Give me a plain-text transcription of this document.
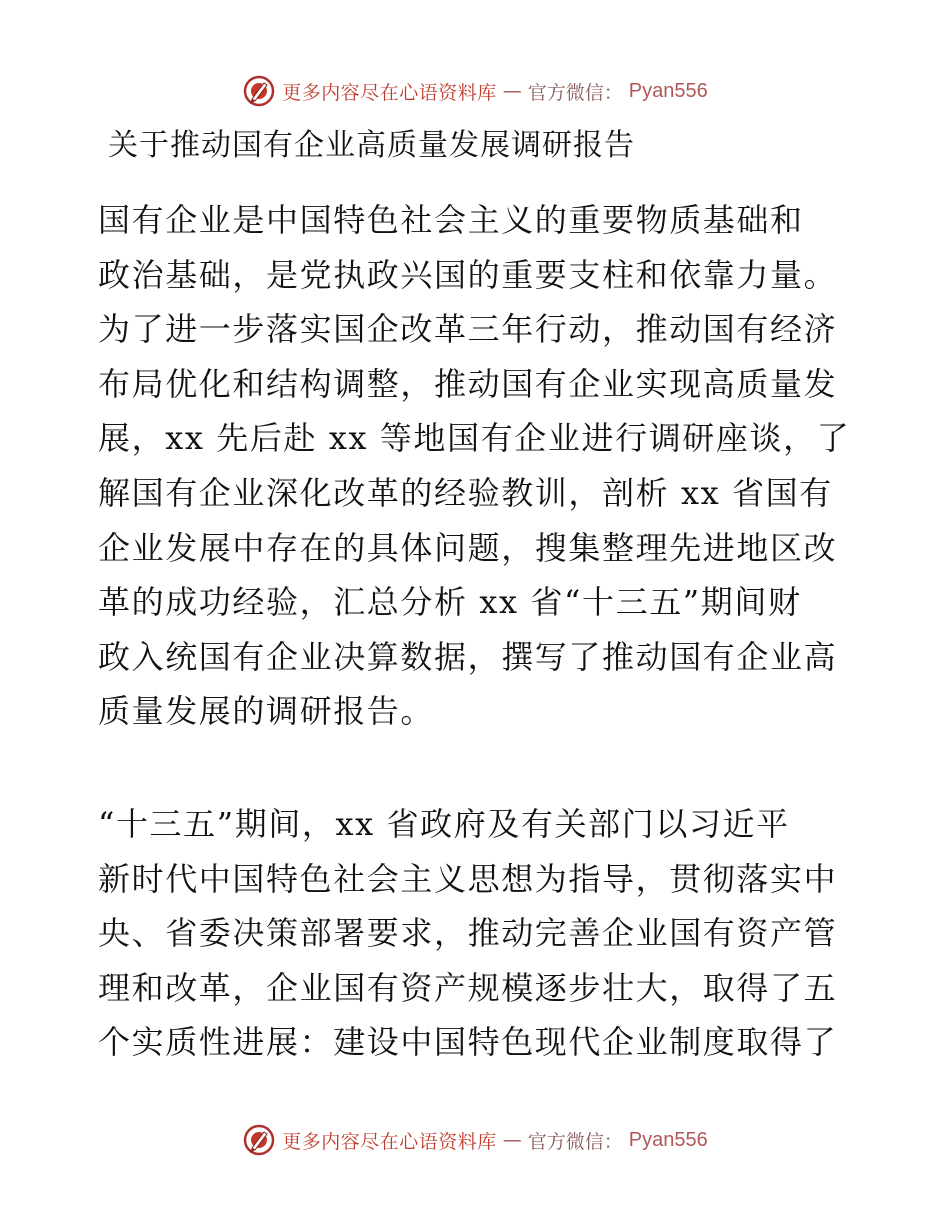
更多内容尽在心语资料库 — 官方微信： Pyan556
关于推动国有企业高质量发展调研报告
国有企业是中国特色社会主义的重要物质基础和
政治基础，是党执政兴国的重要支柱和依靠力量。
为了进一步落实国企改革三年行动，推动国有经济
布局优化和结构调整，推动国有企业实现高质量发
展，xx 先后赴 xx 等地国有企业进行调研座谈，了
解国有企业深化改革的经验教训，剖析 xx 省国有
企业发展中存在的具体问题，搜集整理先进地区改
革的成功经验，汇总分析 xx 省“十三五”期间财
政入统国有企业决算数据，撰写了推动国有企业高
质量发展的调研报告。
“十三五”期间，xx 省政府及有关部门以习近平
新时代中国特色社会主义思想为指导，贯彻落实中
央、省委决策部署要求，推动完善企业国有资产管
理和改革，企业国有资产规模逐步壮大，取得了五
个实质性进展：建设中国特色现代企业制度取得了
更多内容尽在心语资料库 — 官方微信： Pyan556
